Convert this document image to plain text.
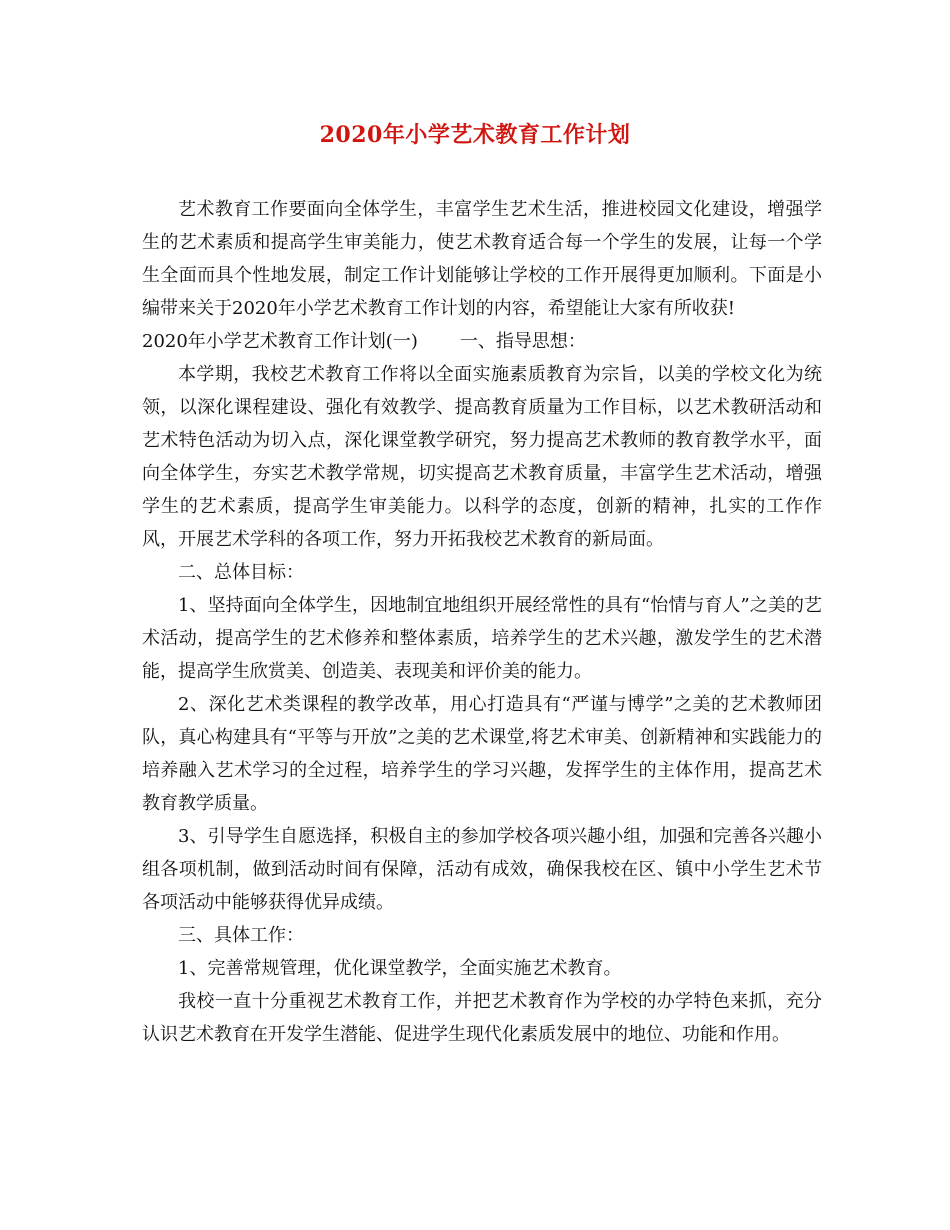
2020年小学艺术教育工作计划

艺术教育工作要面向全体学生，丰富学生艺术生活，推进校园文化建设，增强学生的艺术素质和提高学生审美能力，使艺术教育适合每一个学生的发展，让每一个学生全面而具个性地发展，制定工作计划能够让学校的工作开展得更加顺利。下面是小编带来关于2020年小学艺术教育工作计划的内容，希望能让大家有所收获!

2020年小学艺术教育工作计划(一) 一、指导思想：

本学期，我校艺术教育工作将以全面实施素质教育为宗旨，以美的学校文化为统领，以深化课程建设、强化有效教学、提高教育质量为工作目标，以艺术教研活动和艺术特色活动为切入点，深化课堂教学研究，努力提高艺术教师的教育教学水平，面向全体学生，夯实艺术教学常规，切实提高艺术教育质量，丰富学生艺术活动，增强学生的艺术素质，提高学生审美能力。以科学的态度，创新的精神，扎实的工作作风，开展艺术学科的各项工作，努力开拓我校艺术教育的新局面。

二、总体目标：

1、坚持面向全体学生，因地制宜地组织开展经常性的具有“怡情与育人”之美的艺术活动，提高学生的艺术修养和整体素质，培养学生的艺术兴趣，激发学生的艺术潜能，提高学生欣赏美、创造美、表现美和评价美的能力。

2、深化艺术类课程的教学改革，用心打造具有“严谨与博学”之美的艺术教师团队，真心构建具有“平等与开放”之美的艺术课堂,将艺术审美、创新精神和实践能力的培养融入艺术学习的全过程，培养学生的学习兴趣，发挥学生的主体作用，提高艺术教育教学质量。

3、引导学生自愿选择，积极自主的参加学校各项兴趣小组，加强和完善各兴趣小组各项机制，做到活动时间有保障，活动有成效，确保我校在区、镇中小学生艺术节各项活动中能够获得优异成绩。

三、具体工作：

1、完善常规管理，优化课堂教学，全面实施艺术教育。

我校一直十分重视艺术教育工作，并把艺术教育作为学校的办学特色来抓，充分认识艺术教育在开发学生潜能、促进学生现代化素质发展中的地位、功能和作用。
